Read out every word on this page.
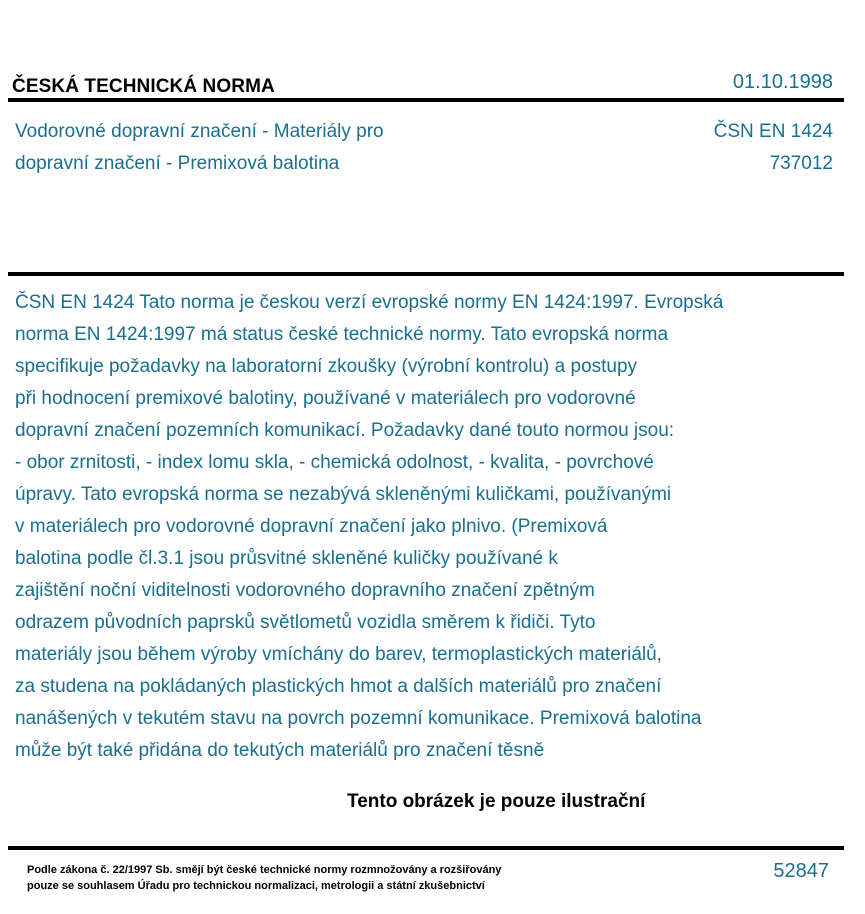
ČESKÁ TECHNICKÁ NORMA	01.10.1998
Vodorovné dopravní značení - Materiály pro
dopravní značení - Premixová balotina
ČSN EN 1424
737012
ČSN EN 1424 Tato norma je českou verzí evropské normy EN 1424:1997. Evropská
norma EN 1424:1997 má status české technické normy. Tato evropská norma
specifikuje požadavky na laboratorní zkoušky (výrobní kontrolu) a postupy
při hodnocení premixové balotiny, používané v materiálech pro vodorovné
dopravní značení pozemních komunikací. Požadavky dané touto normou jsou:
- obor zrnitosti, - index lomu skla, - chemická odolnost, - kvalita, - povrchové
úpravy. Tato evropská norma se nezabývá skleněnými kuličkami, používanými
v materiálech pro vodorovné dopravní značení jako plnivo. (Premixová
balotina podle čl.3.1 jsou průsvitné skleněné kuličky používané k
zajištění noční viditelnosti vodorovného dopravního značení zpětným
odrazem původních paprsků světlometů vozidla směrem k řidiči. Tyto
materiály jsou během výroby vmíchány do barev, termoplastických materiálů,
za studena na pokládaných plastických hmot a dalších materiálů pro značení
nanášených v tekutém stavu na povrch pozemní komunikace. Premixová balotina
může být také přidána do tekutých materiálů pro značení těsně
Tento obrázek je pouze ilustrační
Podle zákona č. 22/1997 Sb. smějí být české technické normy rozmnožovány a rozšiřovány
pouze se souhlasem Úřadu pro technickou normalizaci, metrologii a státní zkušebnictví
52847
